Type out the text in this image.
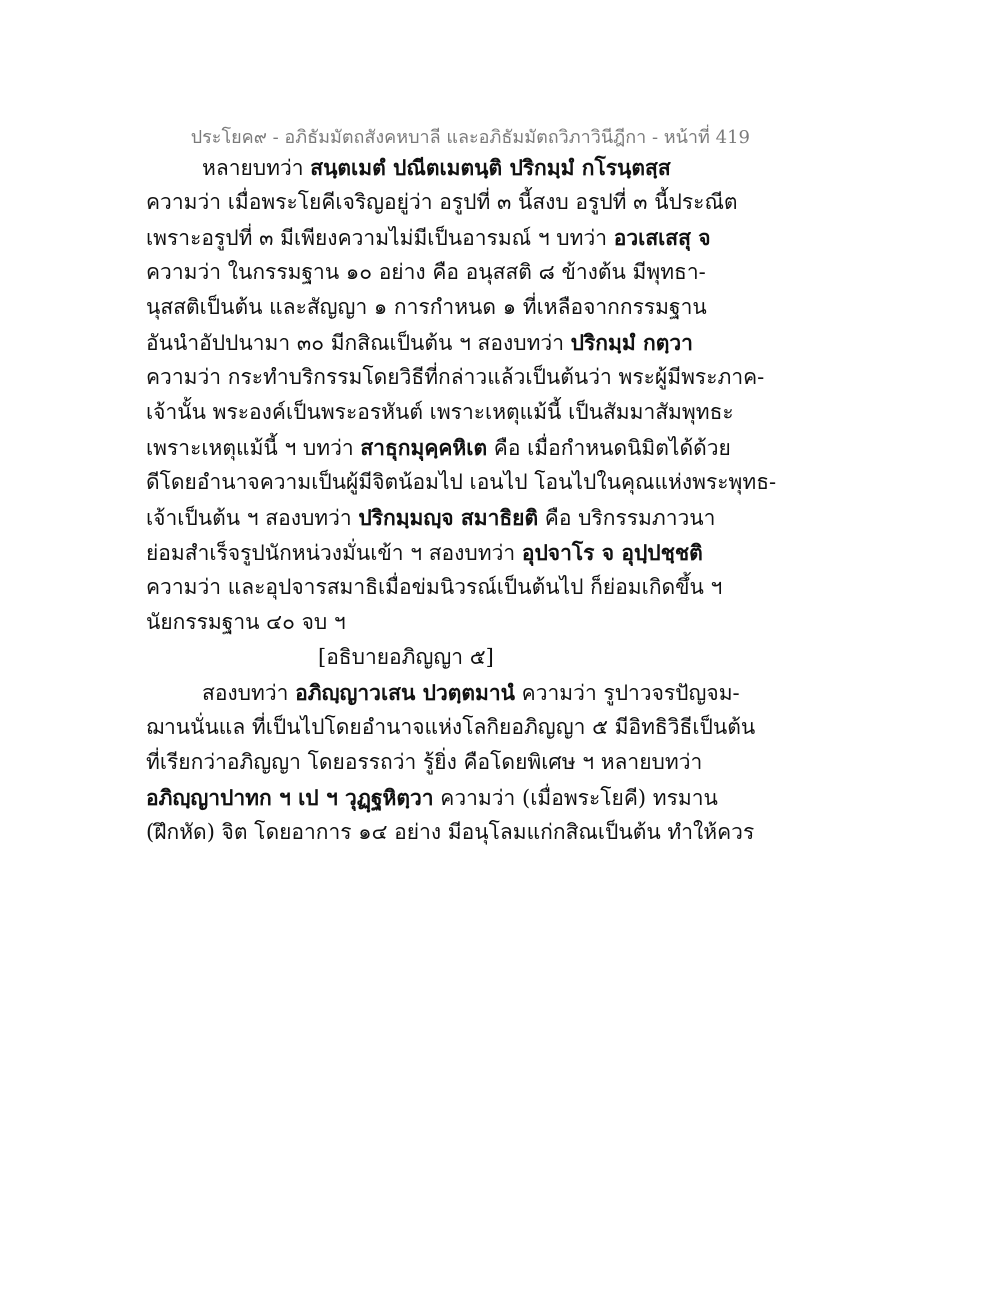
ประโยค๙ - อภิธัมมัตถสังคหบาลี และอภิธัมมัตถวิภาวินีฎีกา - หน้าที่ 419
หลายบทว่า สนฺตเมตํ ปณีตเมตนฺติ ปริกมฺมํ กโรนฺตสฺส
ความว่า เมื่อพระโยคีเจริญอยู่ว่า อรูปที่ ๓ นี้สงบ อรูปที่ ๓ นี้ประณีต
เพราะอรูปที่ ๓ มีเพียงความไม่มีเป็นอารมณ์ ฯ บทว่า อวเสเสสุ จ
ความว่า ในกรรมฐาน ๑๐ อย่าง คือ อนุสสติ ๘ ข้างต้น มีพุทธา-
นุสสติเป็นต้น และสัญญา ๑ การกำหนด ๑ ที่เหลือจากกรรมฐาน
อันนำอัปปนามา ๓๐ มีกสิณเป็นต้น ฯ สองบทว่า ปริกมฺมํ กตฺวา
ความว่า กระทำบริกรรมโดยวิธีที่กล่าวแล้วเป็นต้นว่า พระผู้มีพระภาค-
เจ้านั้น พระองค์เป็นพระอรหันต์ เพราะเหตุแม้นี้ เป็นสัมมาสัมพุทธะ
เพราะเหตุแม้นี้ ฯ บทว่า สาธุกมุคฺคหิเต คือ เมื่อกำหนดนิมิตได้ด้วย
ดีโดยอำนาจความเป็นผู้มีจิตน้อมไป เอนไป โอนไปในคุณแห่งพระพุทธ-
เจ้าเป็นต้น ฯ สองบทว่า ปริกมฺมญฺจ สมาธิยติ คือ บริกรรมภาวนา
ย่อมสำเร็จรูปนักหน่วงมั่นเข้า ฯ สองบทว่า อุปจาโร จ อุปฺปชฺชติ
ความว่า และอุปจารสมาธิเมื่อข่มนิวรณ์เป็นต้นไป ก็ย่อมเกิดขึ้น ฯ
นัยกรรมฐาน ๔๐ จบ ฯ
[อธิบายอภิญญา ๕]
สองบทว่า อภิญฺญาวเสน ปวตฺตมานํ ความว่า รูปาวจรปัญจม-
ฌานนั่นแล ที่เป็นไปโดยอำนาจแห่งโลกิยอภิญญา ๕ มีอิทธิวิธีเป็นต้น
ที่เรียกว่าอภิญญา โดยอรรถว่า รู้ยิ่ง คือโดยพิเศษ ฯ หลายบทว่า
อภิญฺญาปาทก ฯ เป ฯ วุฏฺฐหิตฺวา ความว่า (เมื่อพระโยคี) ทรมาน
(ฝึกหัด) จิต โดยอาการ ๑๔ อย่าง มีอนุโลมแก่กสิณเป็นต้น ทำให้ควร
